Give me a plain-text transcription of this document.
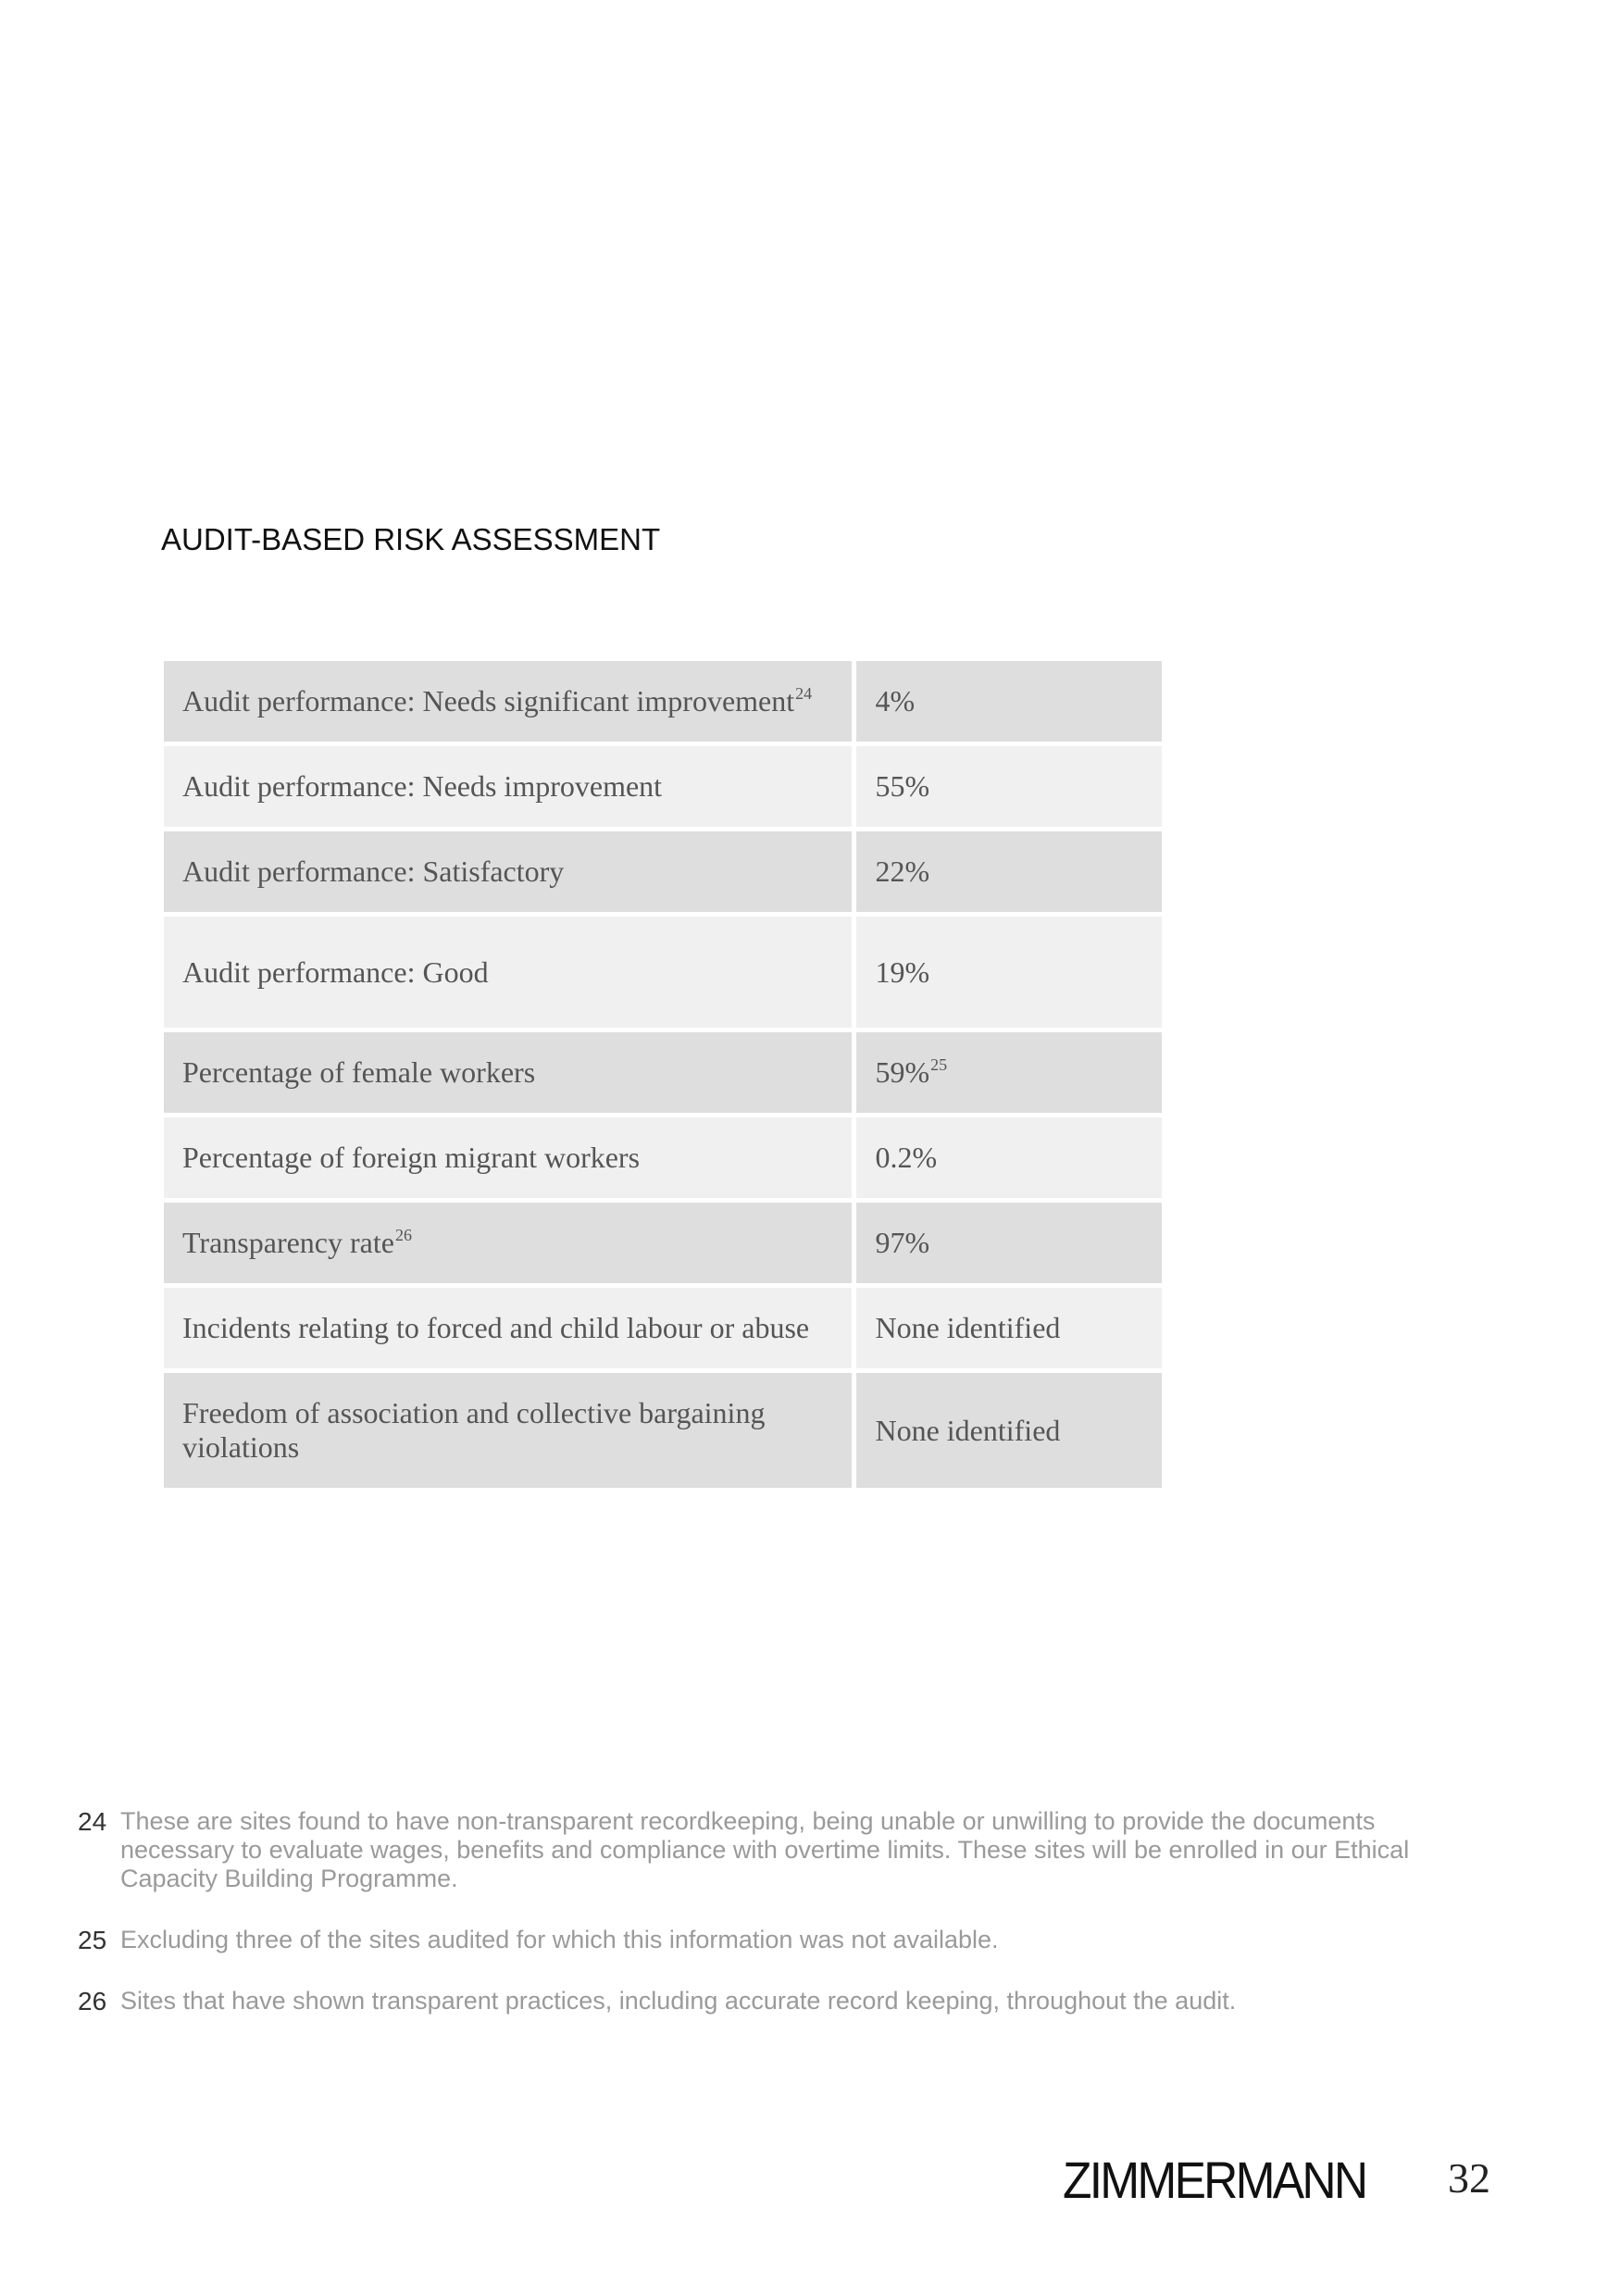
AUDIT-BASED RISK ASSESSMENT
Audit performance: Needs significant improvement$^{24}$	4%
Audit performance: Needs improvement	55%
Audit performance: Satisfactory	22%
Audit performance: Good	19%
Percentage of female workers	59%$^{25}$
Percentage of foreign migrant workers	0.2%
Transparency rate$^{26}$	97%
Incidents relating to forced and child labour or abuse	None identified
Freedom of association and collective bargaining violations	None identified
24 These are sites found to have non-transparent recordkeeping, being unable or unwilling to provide the documents necessary to evaluate wages, benefits and compliance with overtime limits. These sites will be enrolled in our Ethical Capacity Building Programme.
25 Excluding three of the sites audited for which this information was not available.
26 Sites that have shown transparent practices, including accurate record keeping, throughout the audit.
ZIMMERMANN 32
